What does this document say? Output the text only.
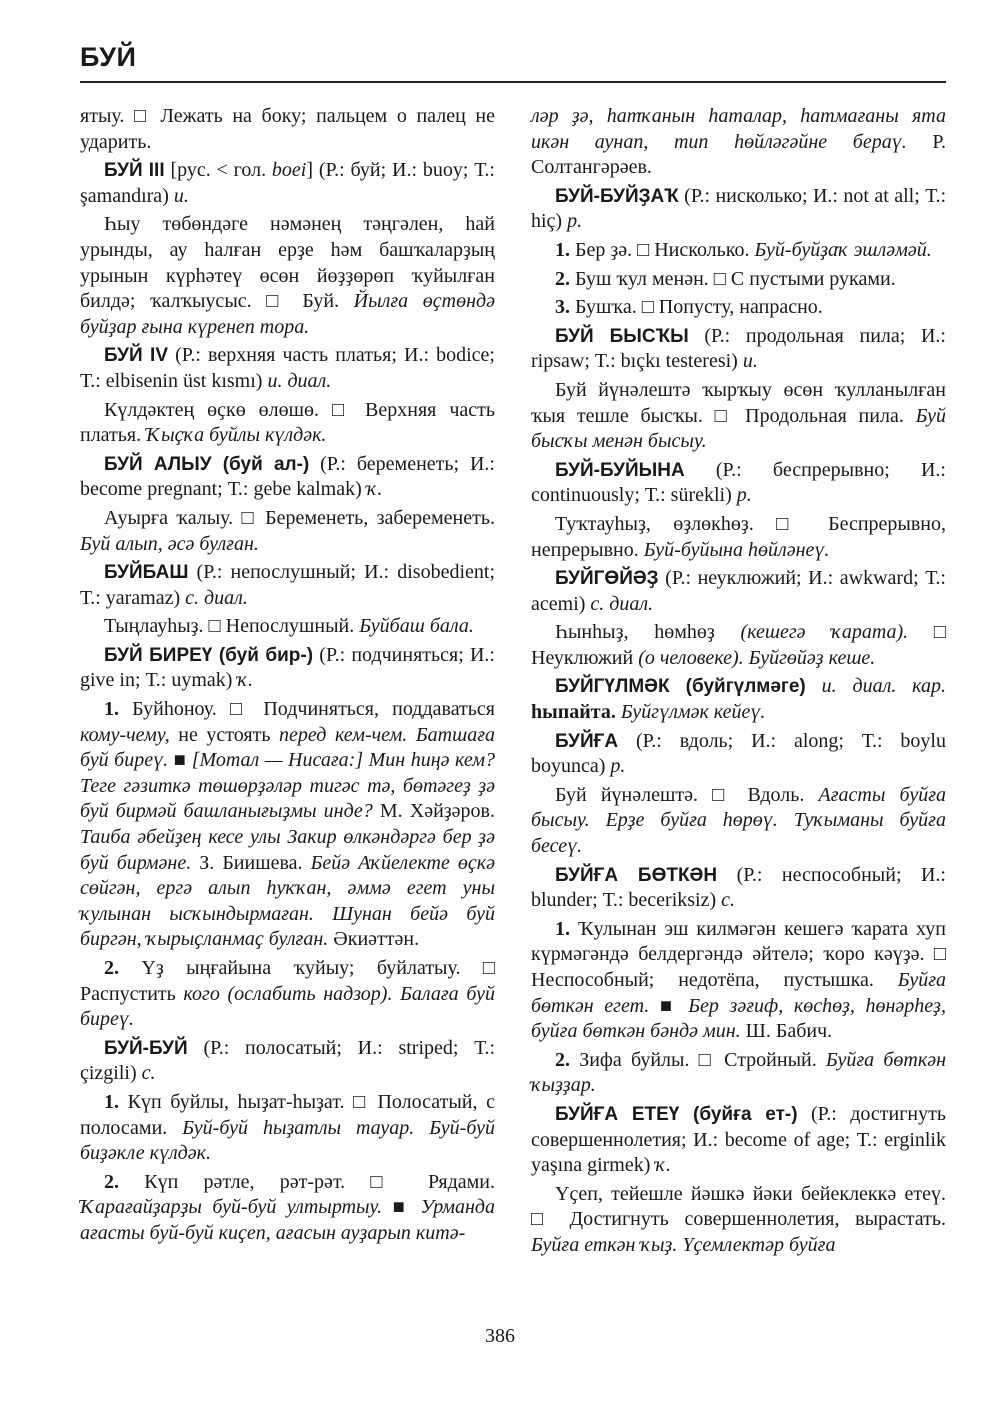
БУЙ

ятыу. □ Лежать на боку; пальцем о палец не ударить.

БУЙ III [рус. < гол. boei] (Р.: буй; И.: buoy; Т.: şamandıra) и.

Һыу төбөндәге нәмәнең тәңгәлен, һай урынды, ау һалған ерҙе һәм башҡаларҙың урынын күрһәтеү өсөн йөҙҙөрөп ҡуйылған билдә; ҡалҡыусыс. □ Буй. Йылға өҫтөндә буйҙар ғына күренеп тора.

БУЙ IV (Р.: верхняя часть платья; И.: bodice; Т.: elbisenin üst kısmı) и. диал.

Күлдәктең өҫкө өлөшө. □ Верхняя часть платья. Ҡыҫҡа буйлы күлдәк.

БУЙ АЛЫУ (буй ал-) (Р.: беременеть; И.: become pregnant; Т.: gebe kalmak) ҡ.

Ауырға ҡалыу. □ Беременеть, забеременеть. Буй алып, әсә булған.

БУЙБАШ (Р.: непослушный; И.: disobedient; Т.: yaramaz) с. диал.

Тыңлауһыҙ. □ Непослушный. Буйбаш бала.

БУЙ БИРЕҮ (буй бир-) (Р.: подчиняться; И.: give in; Т.: uymak) ҡ.

1. Буйһоноу. □ Подчиняться, поддаваться кому-чему, не устоять перед кем-чем. Батшаға буй биреү. ■ [Мотал — Нисаға:] Мин һиңә кем? Теге гәзиткә төшөрҙәләр тигәс тә, бөтәгеҙ ҙә буй бирмәй башланығыҙмы инде? М. Хәйҙәров. Таиба әбейҙең кесе улы Закир өлкәндәргә бер ҙә буй бирмәне. З. Биишева. Бейә Аҡйелекте өҫкә сөйгән, ергә алып һуҡҡан, әммә егет уны ҡулынан ысҡындырмаған. Шунан бейә буй биргән, ҡырыҫланмаҫ булған. Әкиәттән.

2. Үҙ ыңғайына ҡуйыу; буйлатыу. □ Распустить кого (ослабить надзор). Балаға буй биреү.

БУЙ-БУЙ (Р.: полосатый; И.: striped; Т.: çizgili) с.

1. Күп буйлы, һыҙат-һыҙат. □ Полосатый, с полосами. Буй-буй һыҙатлы тауар. Буй-буй биҙәкле күлдәк.

2. Күп рәтле, рәт-рәт. □ Рядами. Ҡарағайҙарҙы буй-буй ултыртыу. ■ Урманда ағасты буй-буй киҫеп, ағасын ауҙарып китә-

ләр ҙә, һатҡанын һаталар, һатмағаны ята икән аунап, тип һөйләгәйне бераү. Р. Солтангәрәев.

БУЙ-БУЙҘАҠ (Р.: нисколько; И.: not at all; Т.: hiç) р.

1. Бер ҙә. □ Нисколько. Буй-буйҙаҡ эшләмәй.

2. Буш ҡул менән. □ С пустыми руками.

3. Бушҡа. □ Попусту, напрасно.

БУЙ БЫСҠЫ (Р.: продольная пила; И.: ripsaw; Т.: bıçkı testeresi) и.

Буй йүнәлештә ҡырҡыу өсөн ҡулланылған ҡыя тешле бысҡы. □ Продольная пила. Буй бысҡы менән бысыу.

БУЙ-БУЙЫНА (Р.: беспрерывно; И.: continuously; Т.: sürekli) р.

Туҡтауһыҙ, өҙлөкһөҙ. □ Беспрерывно, непрерывно. Буй-буйына һөйләнеү.

БУЙГӨЙӘҘ (Р.: неуклюжий; И.: awkward; Т.: acemi) с. диал.

Һынһыҙ, һөмһөҙ (кешегә ҡарата). □ Неуклюжий (о человеке). Буйгөйәҙ кеше.

БУЙГҮЛМӘК (буйгүлмәге) и. диал. кар. һыпайта. Буйгүлмәк кейеү.

БУЙҒА (Р.: вдоль; И.: along; Т.: boylu boyunca) р.

Буй йүнәлештә. □ Вдоль. Ағасты буйға бысыу. Ерҙе буйға һөрөү. Туҡыманы буйға бесеү.

БУЙҒА БӨТКӘН (Р.: неспособный; И.: blunder; Т.: beceriksiz) с.

1. Ҡулынан эш килмәгән кешегә ҡарата хуп күрмәгәндә белдергәндә әйтелә; ҡоро кәүҙә. □ Неспособный; недотёпа, пустышка. Буйға бөткән егет. ■ Бер зәғиф, көсһөҙ, һөнәрһеҙ, буйға бөткән бәндә мин. Ш. Бабич.

2. Зифа буйлы. □ Стройный. Буйға бөткән ҡыҙҙар.

БУЙҒА ЕТЕҮ (буйға ет-) (Р.: достигнуть совершеннолетия; И.: become of age; Т.: erginlik yaşına girmek) ҡ.

Үҫеп, тейешле йәшкә йәки бейеклеккә етеү. □ Достигнуть совершеннолетия, вырастать. Буйға еткән ҡыҙ. Үҫемлектәр буйға

386
